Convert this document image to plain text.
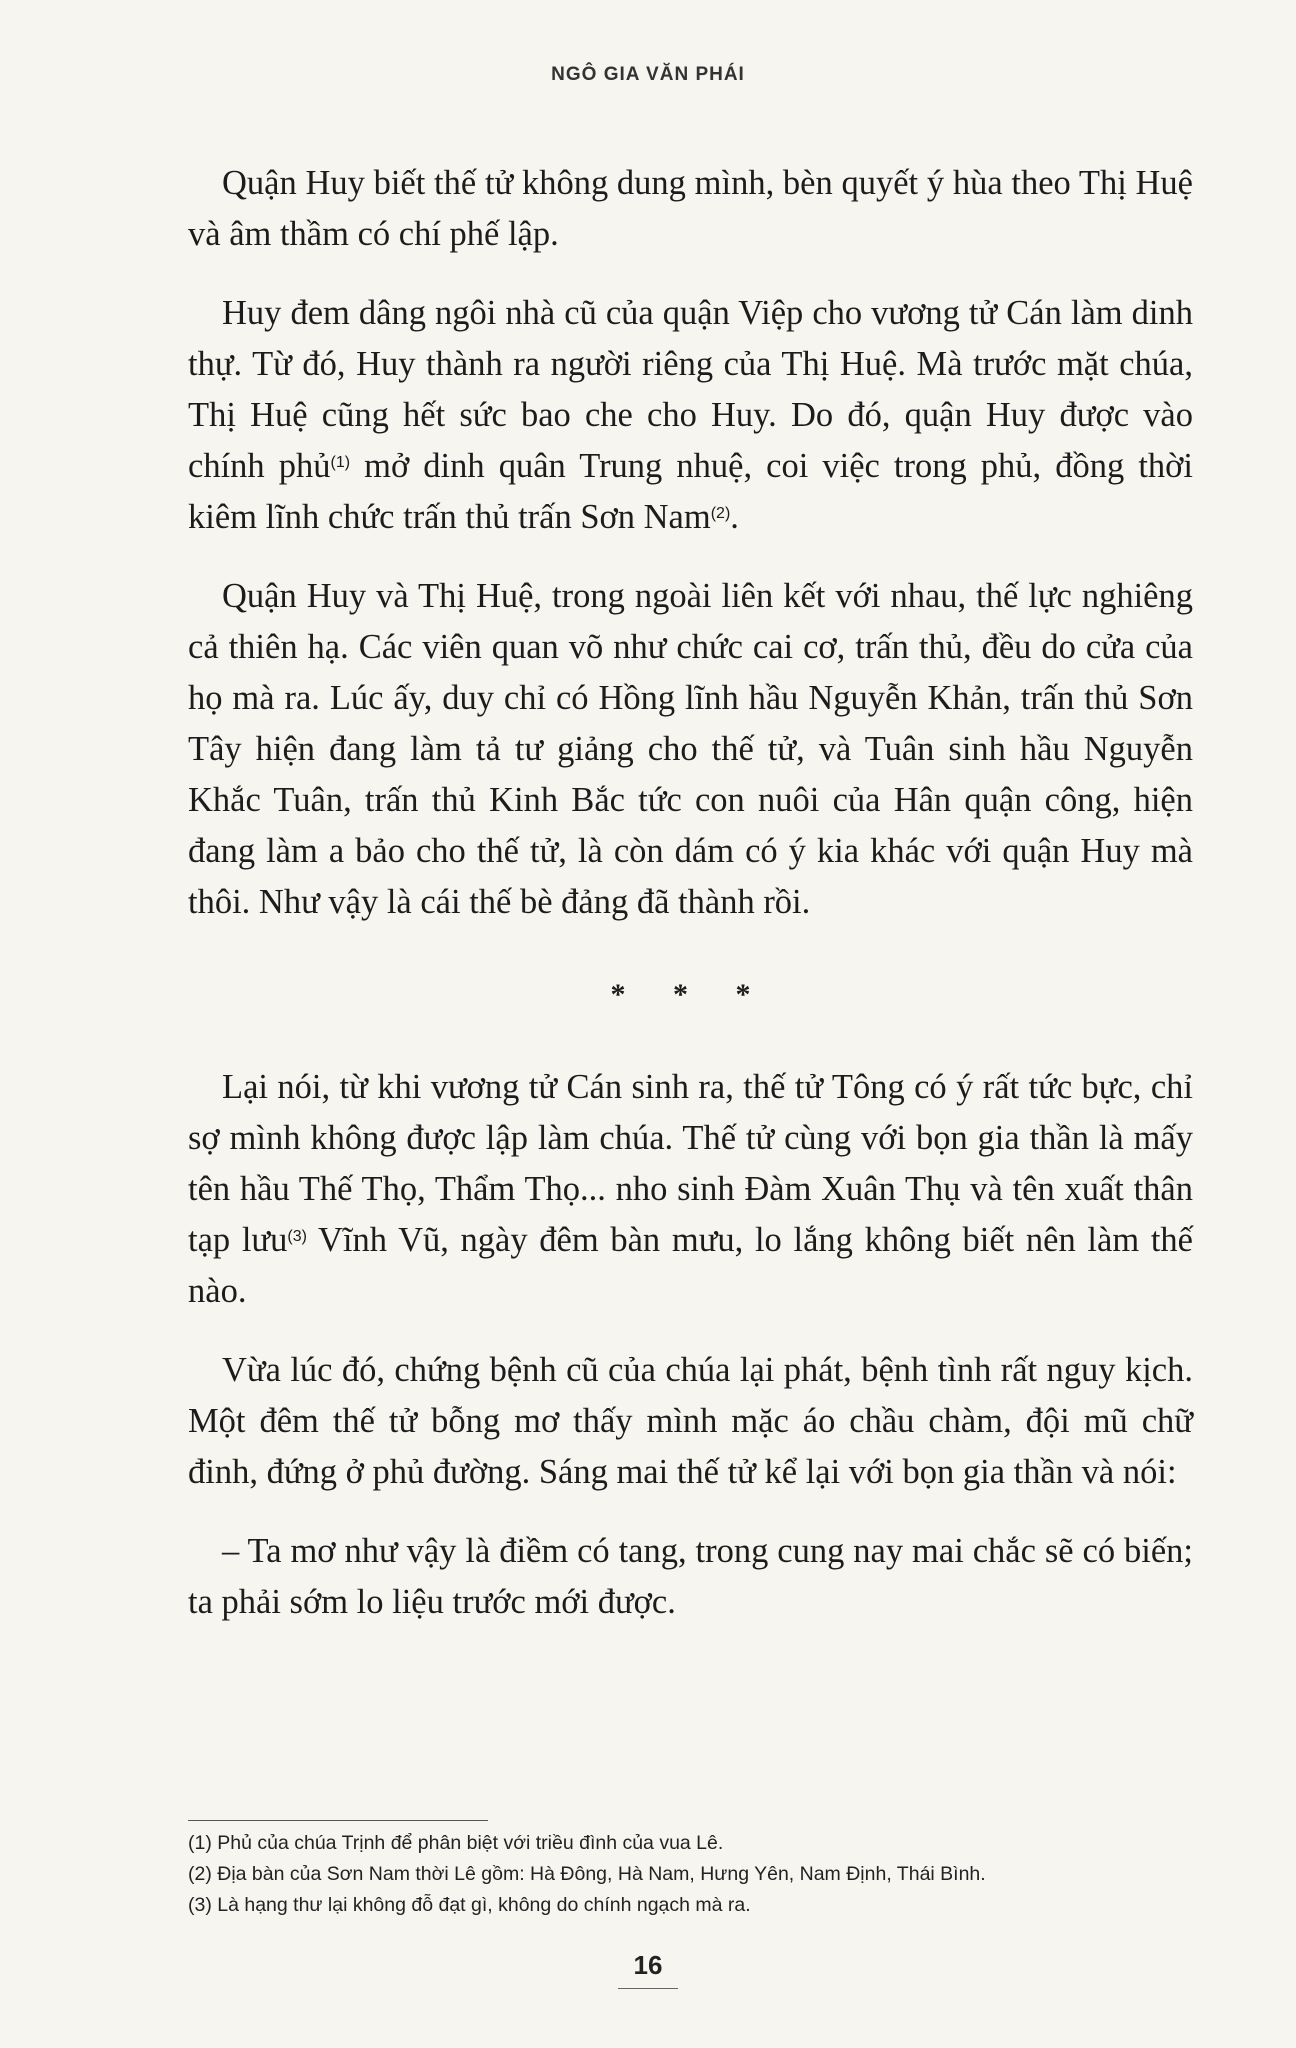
NGÔ GIA VĂN PHÁI

Quận Huy biết thế tử không dung mình, bèn quyết ý hùa theo Thị Huệ và âm thầm có chí phế lập.

Huy đem dâng ngôi nhà cũ của quận Việp cho vương tử Cán làm dinh thự. Từ đó, Huy thành ra người riêng của Thị Huệ. Mà trước mặt chúa, Thị Huệ cũng hết sức bao che cho Huy. Do đó, quận Huy được vào chính phủ$^{(1)}$ mở dinh quân Trung nhuệ, coi việc trong phủ, đồng thời kiêm lĩnh chức trấn thủ trấn Sơn Nam$^{(2)}$.

Quận Huy và Thị Huệ, trong ngoài liên kết với nhau, thế lực nghiêng cả thiên hạ. Các viên quan võ như chức cai cơ, trấn thủ, đều do cửa của họ mà ra. Lúc ấy, duy chỉ có Hồng lĩnh hầu Nguyễn Khản, trấn thủ Sơn Tây hiện đang làm tả tư giảng cho thế tử, và Tuân sinh hầu Nguyễn Khắc Tuân, trấn thủ Kinh Bắc tức con nuôi của Hân quận công, hiện đang làm a bảo cho thế tử, là còn dám có ý kia khác với quận Huy mà thôi. Như vậy là cái thế bè đảng đã thành rồi.

* * *

Lại nói, từ khi vương tử Cán sinh ra, thế tử Tông có ý rất tức bực, chỉ sợ mình không được lập làm chúa. Thế tử cùng với bọn gia thần là mấy tên hầu Thế Thọ, Thẩm Thọ... nho sinh Đàm Xuân Thụ và tên xuất thân tạp lưu$^{(3)}$ Vĩnh Vũ, ngày đêm bàn mưu, lo lắng không biết nên làm thế nào.

Vừa lúc đó, chứng bệnh cũ của chúa lại phát, bệnh tình rất nguy kịch. Một đêm thế tử bỗng mơ thấy mình mặc áo chầu chàm, đội mũ chữ đinh, đứng ở phủ đường. Sáng mai thế tử kể lại với bọn gia thần và nói:

– Ta mơ như vậy là điềm có tang, trong cung nay mai chắc sẽ có biến; ta phải sớm lo liệu trước mới được.

(1) Phủ của chúa Trịnh để phân biệt với triều đình của vua Lê.
(2) Địa bàn của Sơn Nam thời Lê gồm: Hà Đông, Hà Nam, Hưng Yên, Nam Định, Thái Bình.
(3) Là hạng thư lại không đỗ đạt gì, không do chính ngạch mà ra.
16
